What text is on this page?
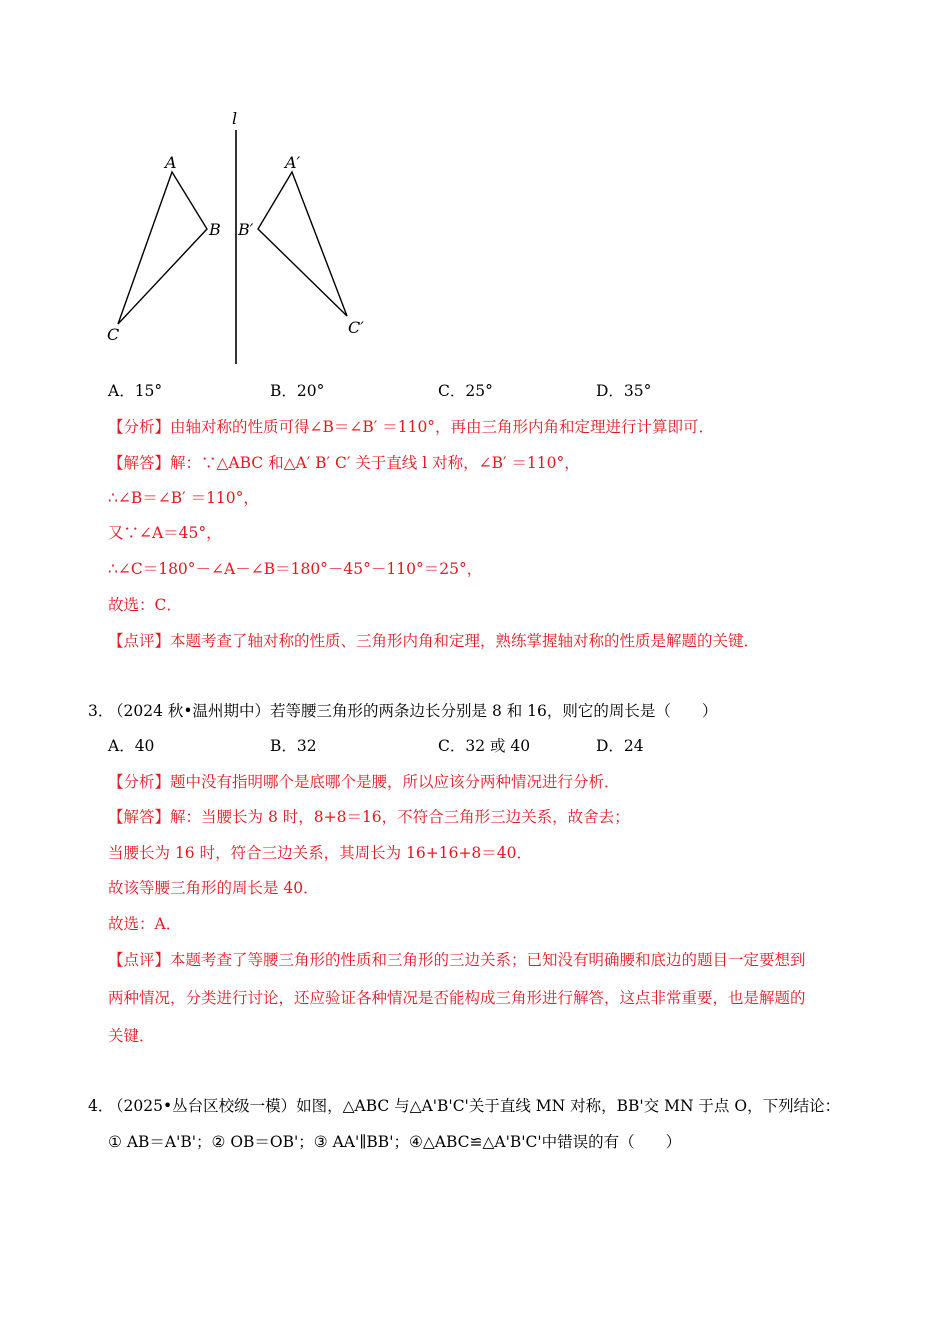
l
A
B
C
A′
B′
C′
A．15°	B．20°	C．25°	D．35°
【分析】由轴对称的性质可得∠B＝∠B′ ＝110°，再由三角形内角和定理进行计算即可．
【解答】解：∵△ABC 和△A′ B′ C′ 关于直线 l 对称，∠B′ ＝110°，
∴∠B＝∠B′ ＝110°，
又∵∠A＝45°，
∴∠C＝180°－∠A－∠B＝180°－45°－110°＝25°，
故选：C．
【点评】本题考查了轴对称的性质、三角形内角和定理，熟练掌握轴对称的性质是解题的关键．
3．
（2024 秋•温州期中）若等腰三角形的两条边长分别是 8 和 16，则它的周长是（　　）
A．40	B．32	C．32 或 40	D．24
【分析】题中没有指明哪个是底哪个是腰，所以应该分两种情况进行分析．
【解答】解：当腰长为 8 时，8+8＝16，不符合三角形三边关系，故舍去；
当腰长为 16 时，符合三边关系，其周长为 16+16+8＝40．
故该等腰三角形的周长是 40．
故选：A．
【点评】本题考查了等腰三角形的性质和三角形的三边关系；已知没有明确腰和底边的题目一定要想到
两种情况，分类进行讨论，还应验证各种情况是否能构成三角形进行解答，这点非常重要，也是解题的
关键．
4．
（2025•丛台区校级一模）如图，△ABC 与△A'B'C'关于直线 MN 对称，BB'交 MN 于点 O，下列结论：
① AB＝A'B'；② OB＝OB'；③ AA'∥BB'；④△ABC≌△A'B'C'中错误的有（　　）
